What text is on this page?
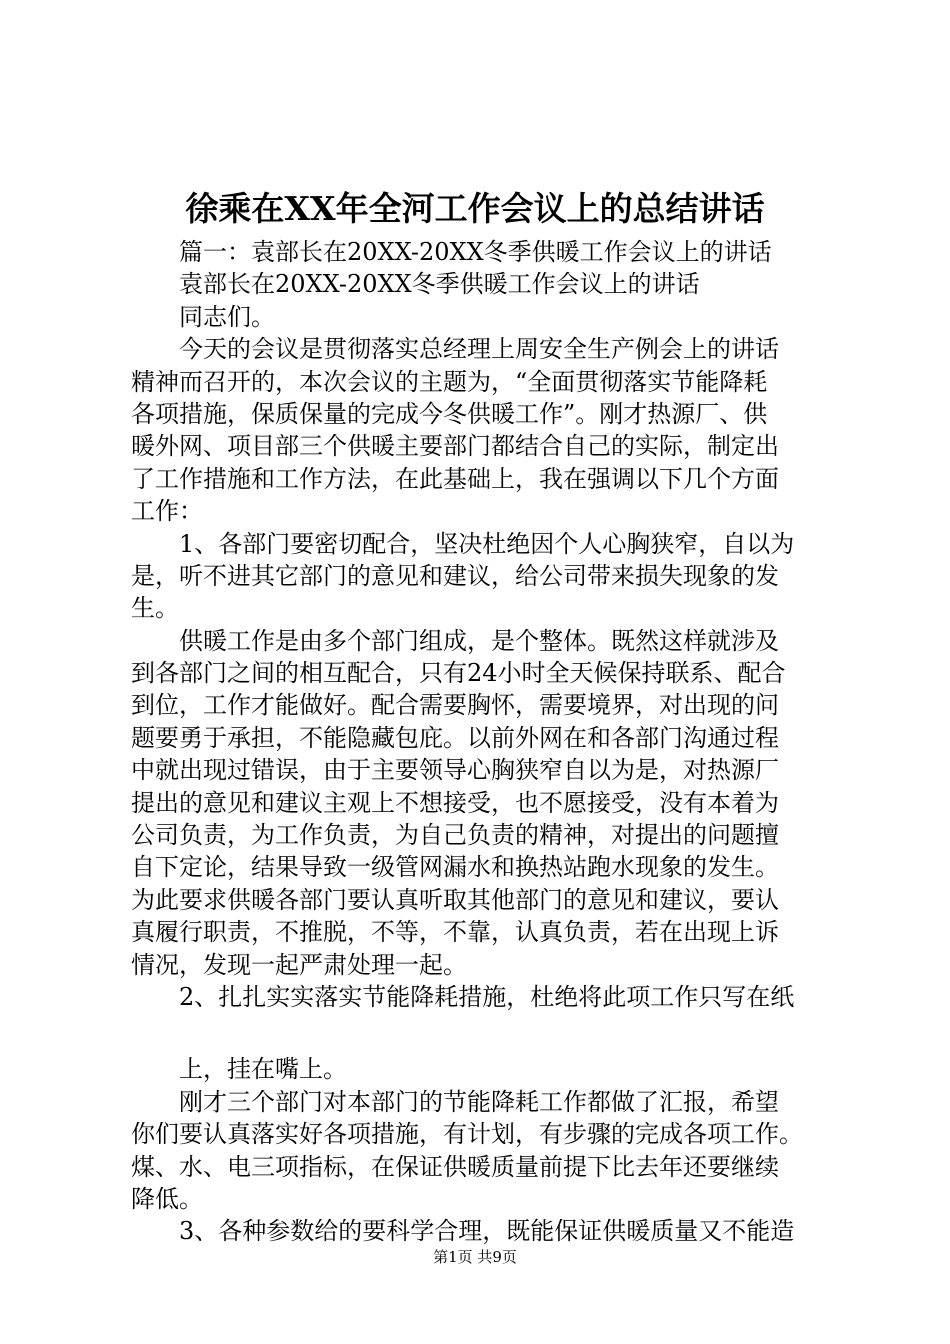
徐乘在XX年全河工作会议上的总结讲话
篇一：袁部长在20XX-20XX冬季供暖工作会议上的讲话
袁部长在20XX-20XX冬季供暖工作会议上的讲话
同志们。
今天的会议是贯彻落实总经理上周安全生产例会上的讲话
精神而召开的，本次会议的主题为，“全面贯彻落实节能降耗
各项措施，保质保量的完成今冬供暖工作”。刚才热源厂、供
暖外网、项目部三个供暖主要部门都结合自己的实际，制定出
了工作措施和工作方法，在此基础上，我在强调以下几个方面
工作：
1、各部门要密切配合，坚决杜绝因个人心胸狭窄，自以为
是，听不进其它部门的意见和建议，给公司带来损失现象的发
生。
供暖工作是由多个部门组成，是个整体。既然这样就涉及
到各部门之间的相互配合，只有24小时全天候保持联系、配合
到位，工作才能做好。配合需要胸怀，需要境界，对出现的问
题要勇于承担，不能隐藏包庇。以前外网在和各部门沟通过程
中就出现过错误，由于主要领导心胸狭窄自以为是，对热源厂
提出的意见和建议主观上不想接受，也不愿接受，没有本着为
公司负责，为工作负责，为自己负责的精神，对提出的问题擅
自下定论，结果导致一级管网漏水和换热站跑水现象的发生。
为此要求供暖各部门要认真听取其他部门的意见和建议，要认
真履行职责，不推脱，不等，不靠，认真负责，若在出现上诉
情况，发现一起严肃处理一起。
2、扎扎实实落实节能降耗措施，杜绝将此项工作只写在纸
上，挂在嘴上。
刚才三个部门对本部门的节能降耗工作都做了汇报，希望
你们要认真落实好各项措施，有计划，有步骤的完成各项工作。
煤、水、电三项指标，在保证供暖质量前提下比去年还要继续
降低。
3、各种参数给的要科学合理，既能保证供暖质量又不能造
第1页 共9页
